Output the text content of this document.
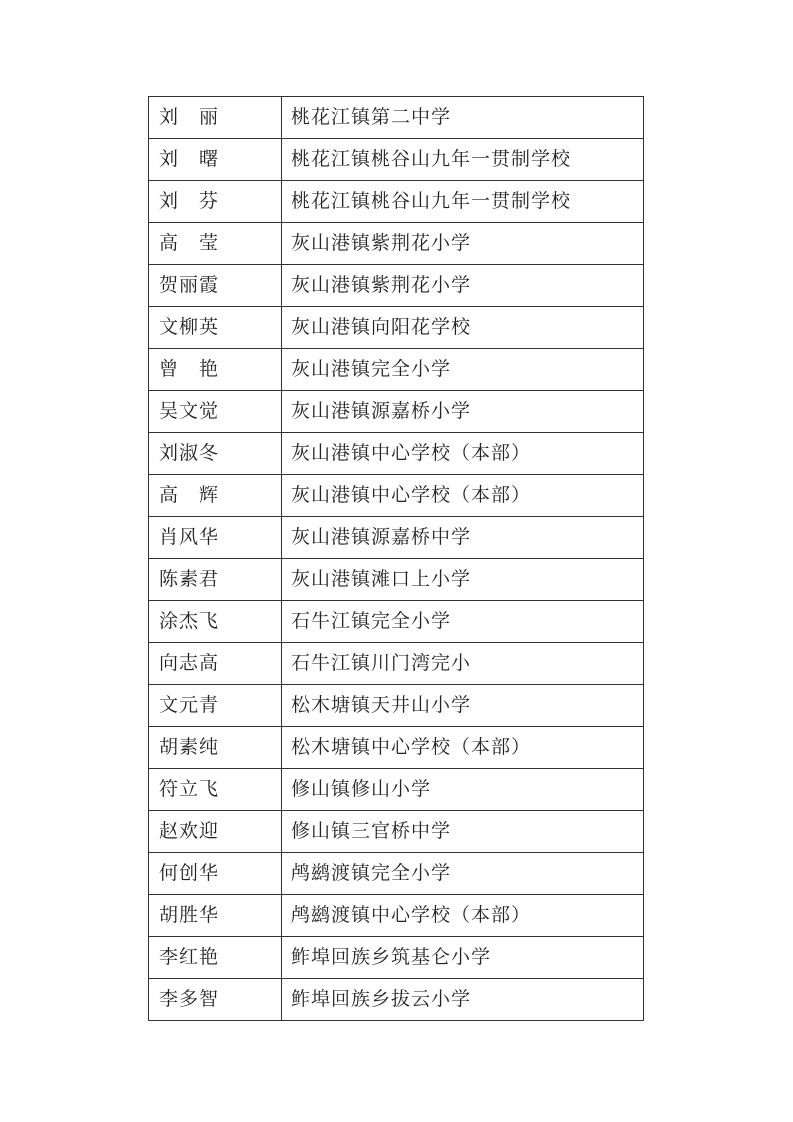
刘　丽	桃花江镇第二中学
刘　曙	桃花江镇桃谷山九年一贯制学校
刘　芬	桃花江镇桃谷山九年一贯制学校
高　莹	灰山港镇紫荆花小学
贺丽霞	灰山港镇紫荆花小学
文柳英	灰山港镇向阳花学校
曾　艳	灰山港镇完全小学
吴文觉	灰山港镇源嘉桥小学
刘淑冬	灰山港镇中心学校（本部）
高　辉	灰山港镇中心学校（本部）
肖风华	灰山港镇源嘉桥中学
陈素君	灰山港镇滩口上小学
涂杰飞	石牛江镇完全小学
向志高	石牛江镇川门湾完小
文元青	松木塘镇天井山小学
胡素纯	松木塘镇中心学校（本部）
符立飞	修山镇修山小学
赵欢迎	修山镇三官桥中学
何创华	鸬鹚渡镇完全小学
胡胜华	鸬鹚渡镇中心学校（本部）
李红艳	鲊埠回族乡筑基仑小学
李多智	鲊埠回族乡拔云小学
